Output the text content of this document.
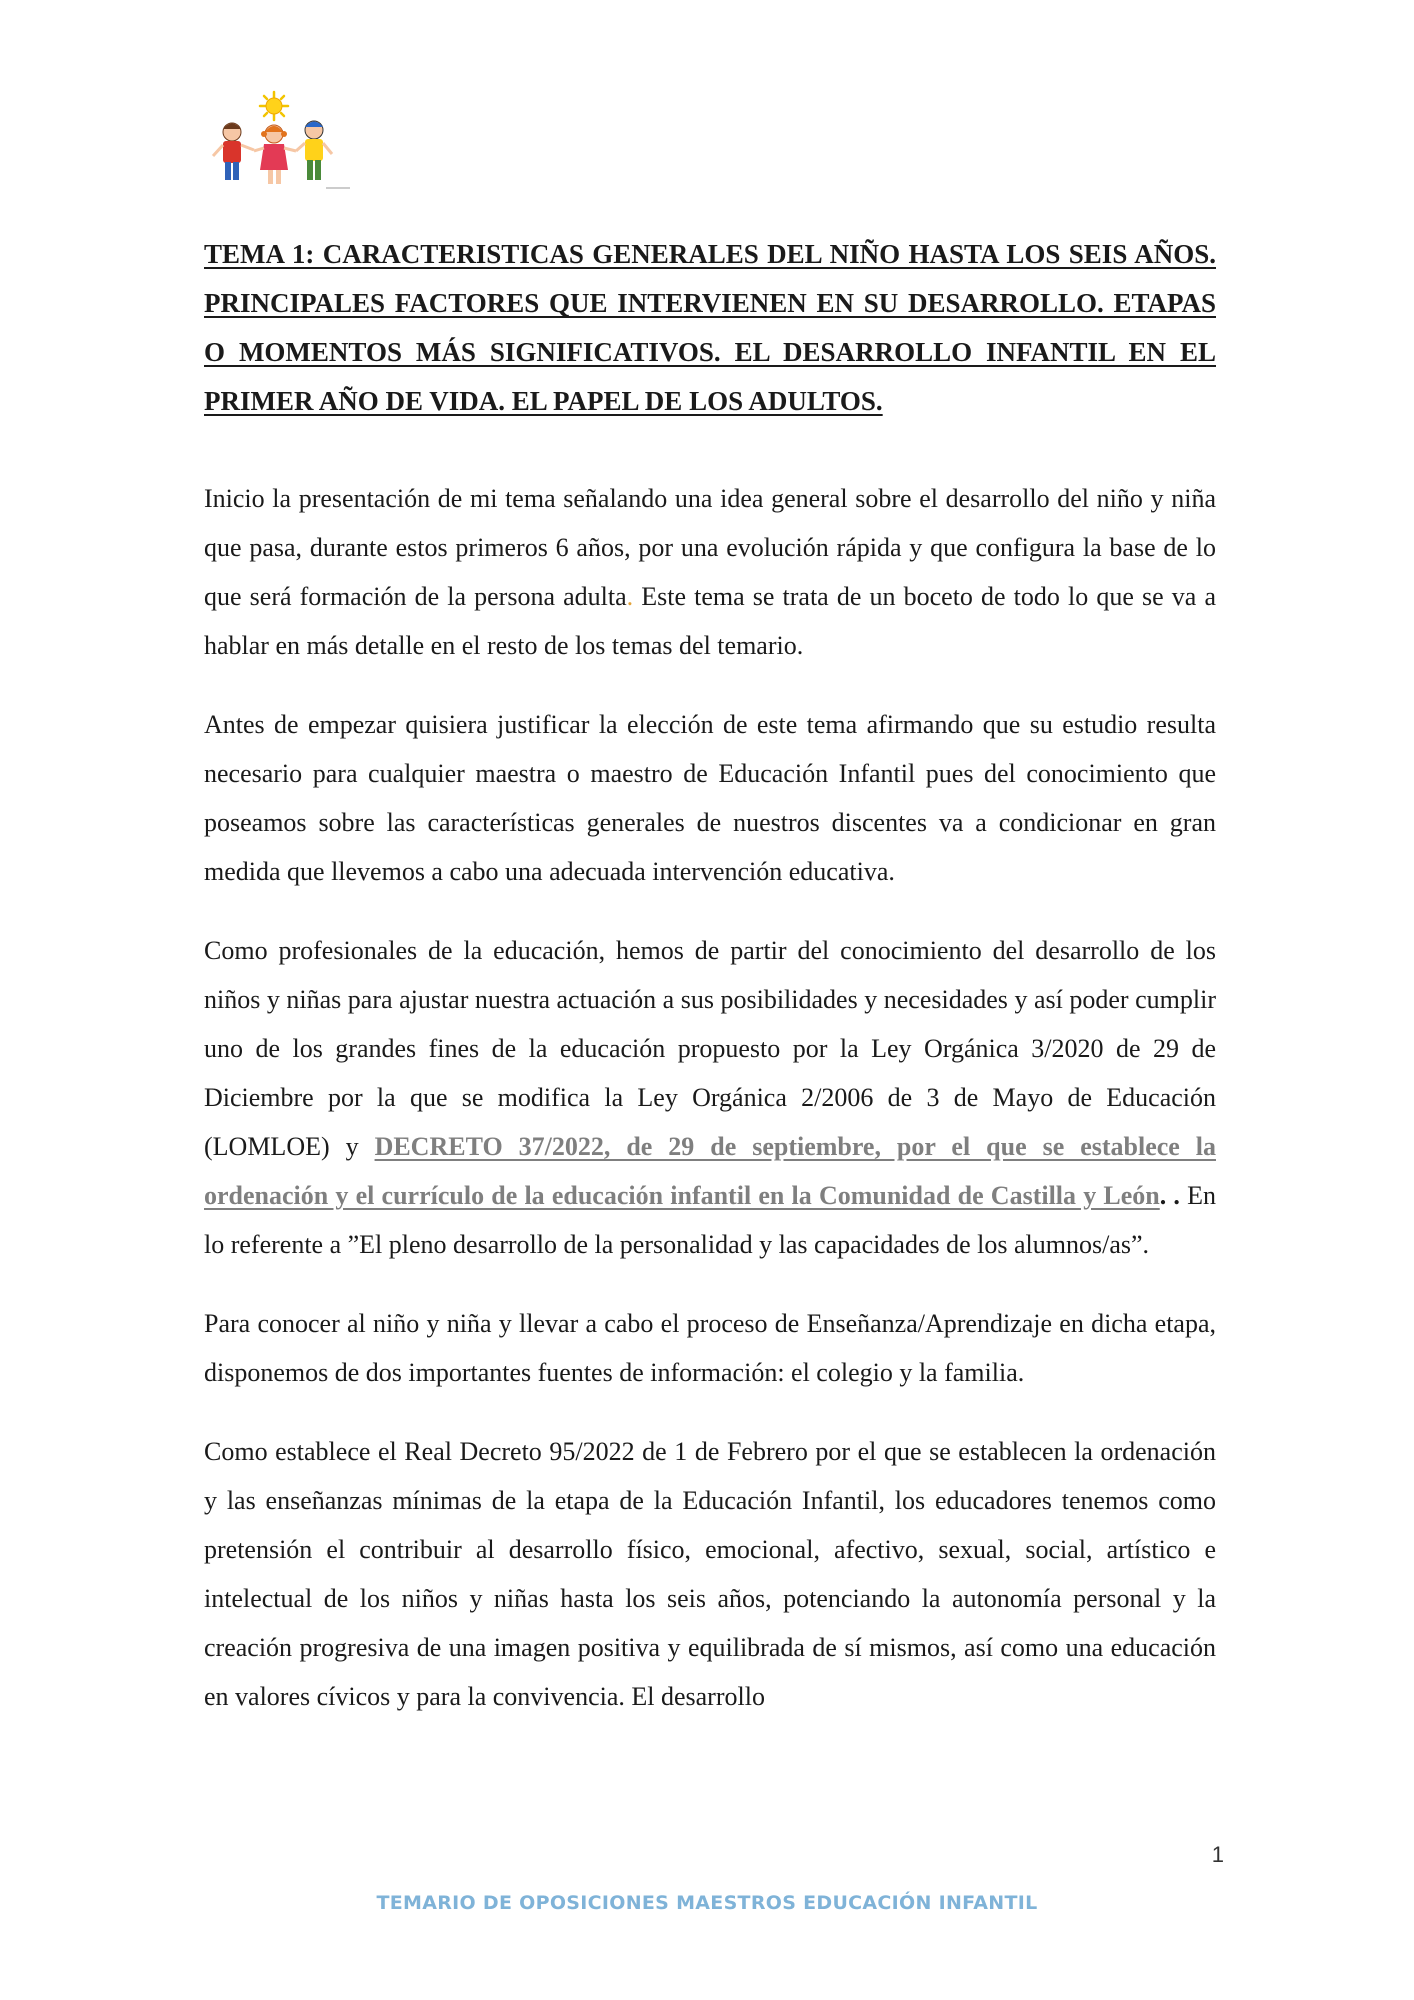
TEMA 1: CARACTERISTICAS GENERALES DEL NIÑO HASTA LOS SEIS AÑOS. PRINCIPALES FACTORES QUE INTERVIENEN EN SU DESARROLLO. ETAPAS O MOMENTOS MÁS SIGNIFICATIVOS. EL DESARROLLO INFANTIL EN EL PRIMER AÑO DE VIDA. EL PAPEL DE LOS ADULTOS.

Inicio la presentación de mi tema señalando una idea general sobre el desarrollo del niño y niña que pasa, durante estos primeros 6 años, por una evolución rápida y que configura la base de lo que será formación de la persona adulta. Este tema se trata de un boceto de todo lo que se va a hablar en más detalle en el resto de los temas del temario.

Antes de empezar quisiera justificar la elección de este tema afirmando que su estudio resulta necesario para cualquier maestra o maestro de Educación Infantil pues del conocimiento que poseamos sobre las características generales de nuestros discentes va a condicionar en gran medida que llevemos a cabo una adecuada intervención educativa.

Como profesionales de la educación, hemos de partir del conocimiento del desarrollo de los niños y niñas para ajustar nuestra actuación a sus posibilidades y necesidades y así poder cumplir uno de los grandes fines de la educación propuesto por la Ley Orgánica 3/2020 de 29 de Diciembre por la que se modifica la Ley Orgánica 2/2006 de 3 de Mayo de Educación (LOMLOE) y DECRETO 37/2022, de 29 de septiembre, por el que se establece la ordenación y el currículo de la educación infantil en la Comunidad de Castilla y León. . En lo referente a ”El pleno desarrollo de la personalidad y las capacidades de los alumnos/as”.

Para conocer al niño y niña y llevar a cabo el proceso de Enseñanza/Aprendizaje en dicha etapa, disponemos de dos importantes fuentes de información: el colegio y la familia.

Como establece el Real Decreto 95/2022 de 1 de Febrero por el que se establecen la ordenación y las enseñanzas mínimas de la etapa de la Educación Infantil, los educadores tenemos como pretensión el contribuir al desarrollo físico, emocional, afectivo, sexual, social, artístico e intelectual de los niños y niñas hasta los seis años, potenciando la autonomía personal y la creación progresiva de una imagen positiva y equilibrada de sí mismos, así como una educación en valores cívicos y para la convivencia. El desarrollo

1
TEMARIO DE OPOSICIONES MAESTROS EDUCACIÓN INFANTIL
